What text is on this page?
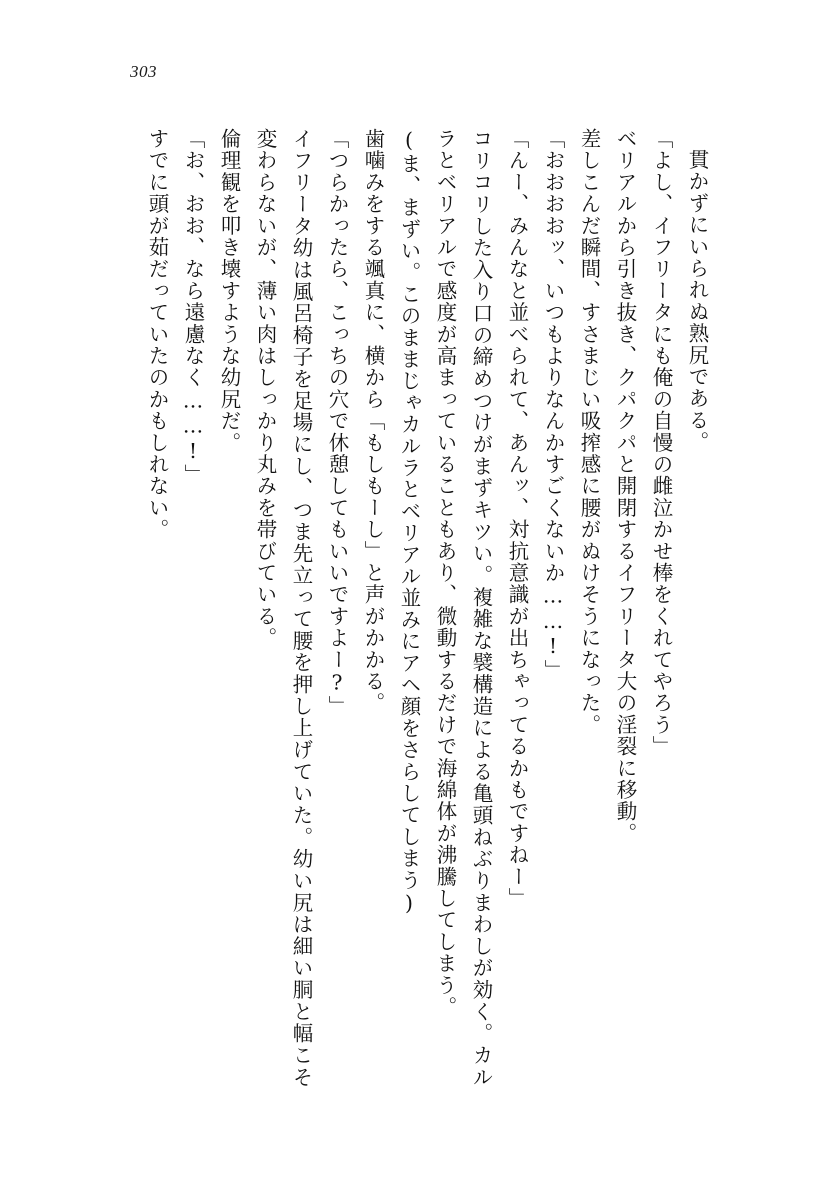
303

貫かずにいられぬ熟尻である。

「よし、イフリータにも俺の自慢の雌泣かせ棒をくれてやろう」

ベリアルから引き抜き、クパクパと開閉するイフリータ大の淫裂に移動。

差しこんだ瞬間、すさまじい吸搾感に腰がぬけそうになった。

「おおおおッ、いつもよりなんかすごくないか……!」

「んー、みんなと並べられて、あんッ、対抗意識が出ちゃってるかもですねー」

コリコリした入り口の締めつけがまずキツい。複雑な襞構造による亀頭ねぶりまわしが効く。カルラとベリアルで感度が高まっていることもあり、微動するだけで海綿体が沸騰してしまう。

(ま、まずい。このままじゃカルラとベリアル並みにアヘ顔をさらしてしまう)

歯噛みをする颯真に、横から「もしもーし」と声がかかる。

「つらかったら、こっちの穴で休憩してもいいですよー?」

イフリータ幼は風呂椅子を足場にし、つま先立って腰を押し上げていた。幼い尻は細い胴と幅こそ変わらないが、薄い肉はしっかり丸みを帯びている。

倫理観を叩き壊すような幼尻だ。

「お、おお、なら遠慮なく……!」

すでに頭が茹だっていたのかもしれない。
